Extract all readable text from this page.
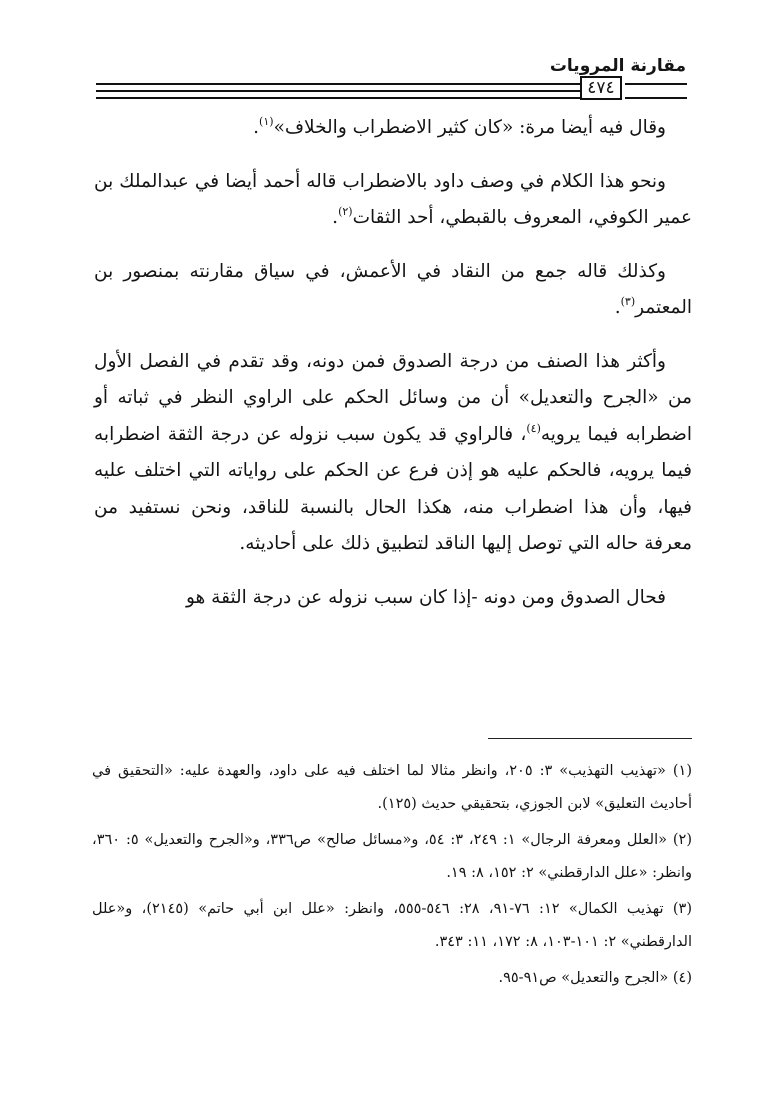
مقارنة المرويات
٤٧٤

وقال فيه أيضا مرة: «كان كثير الاضطراب والخلاف»$^{(١)}$.

ونحو هذا الكلام في وصف داود بالاضطراب قاله أحمد أيضا في عبدالملك بن عمير الكوفي، المعروف بالقبطي، أحد الثقات$^{(٢)}$.

وكذلك قاله جمع من النقاد في الأعمش، في سياق مقارنته بمنصور بن المعتمر$^{(٣)}$.

وأكثر هذا الصنف من درجة الصدوق فمن دونه، وقد تقدم في الفصل الأول من «الجرح والتعديل» أن من وسائل الحكم على الراوي النظر في ثباته أو اضطرابه فيما يرويه$^{(٤)}$، فالراوي قد يكون سبب نزوله عن درجة الثقة اضطرابه فيما يرويه، فالحكم عليه هو إذن فرع عن الحكم على رواياته التي اختلف عليه فيها، وأن هذا اضطراب منه، هكذا الحال بالنسبة للناقد، ونحن نستفيد من معرفة حاله التي توصل إليها الناقد لتطبيق ذلك على أحاديثه.

فحال الصدوق ومن دونه -إذا كان سبب نزوله عن درجة الثقة هو

(١) «تهذيب التهذيب» ٣: ٢٠٥، وانظر مثالا لما اختلف فيه على داود، والعهدة عليه: «التحقيق في أحاديث التعليق» لابن الجوزي، بتحقيقي حديث (١٢٥).
(٢) «العلل ومعرفة الرجال» ١: ٢٤٩، ٣: ٥٤، و«مسائل صالح» ص٣٣٦، و«الجرح والتعديل» ٥: ٣٦٠، وانظر: «علل الدارقطني» ٢: ١٥٢، ٨: ١٩.
(٣) تهذيب الكمال» ١٢: ٧٦-٩١، ٢٨: ٥٤٦-٥٥٥، وانظر: «علل ابن أبي حاتم» (٢١٤٥)، و«علل الدارقطني» ٢: ١٠١-١٠٣، ٨: ١٧٢، ١١: ٣٤٣.
(٤) «الجرح والتعديل» ص٩١-٩٥.
